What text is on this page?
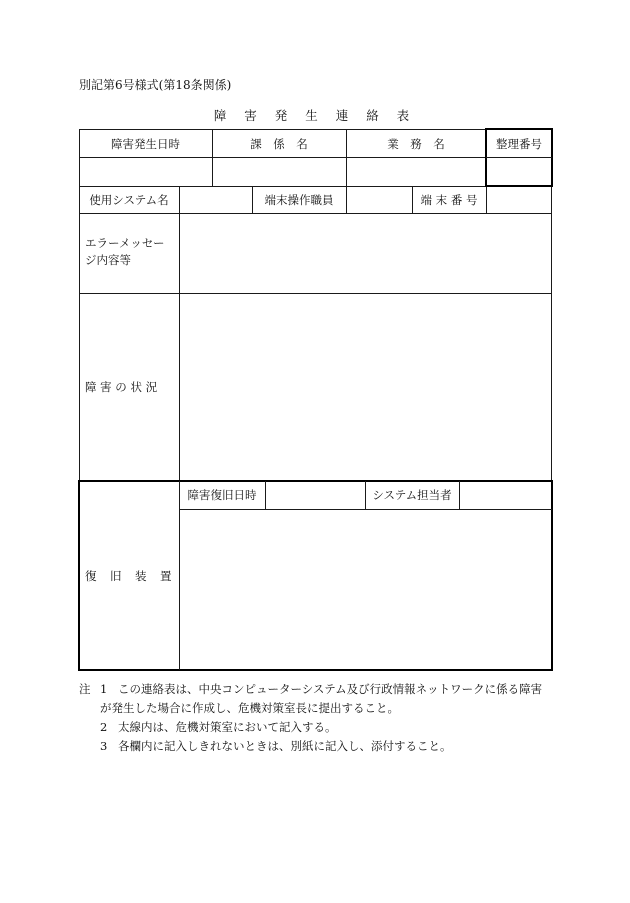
別記第6号様式(第18条関係)
障 害 発 生 連 絡 表
障害発生日時	課　係　名	業　務　名	整理番号
使用システム名	端末操作職員	端 末 番 号
エラーメッセージ内容等
障 害 の 状 況
復　旧　装　置
障害復旧日時	システム担当者
注 1 この連絡表は、中央コンピューターシステム及び行政情報ネットワークに係る障害
が発生した場合に作成し、危機対策室長に提出すること。
2 太線内は、危機対策室において記入する。
3 各欄内に記入しきれないときは、別紙に記入し、添付すること。
